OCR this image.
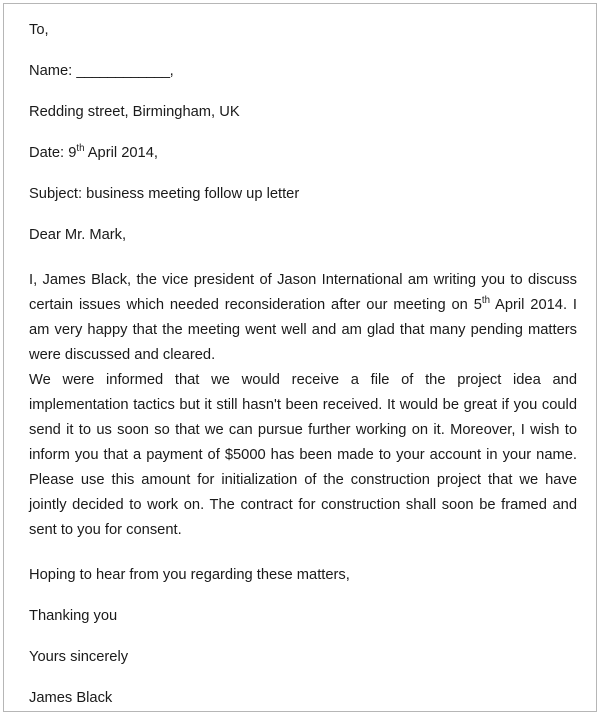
To,
Name: ____________,
Redding street, Birmingham, UK
Date: 9th April 2014,
Subject: business meeting follow up letter
Dear Mr. Mark,

I, James Black, the vice president of Jason International am writing you to discuss certain issues which needed reconsideration after our meeting on 5th April 2014. I am very happy that the meeting went well and am glad that many pending matters were discussed and cleared.

We were informed that we would receive a file of the project idea and implementation tactics but it still hasn't been received. It would be great if you could send it to us soon so that we can pursue further working on it. Moreover, I wish to inform you that a payment of $5000 has been made to your account in your name. Please use this amount for initialization of the construction project that we have jointly decided to work on. The contract for construction shall soon be framed and sent to you for consent.

Hoping to hear from you regarding these matters,
Thanking you
Yours sincerely
James Black
